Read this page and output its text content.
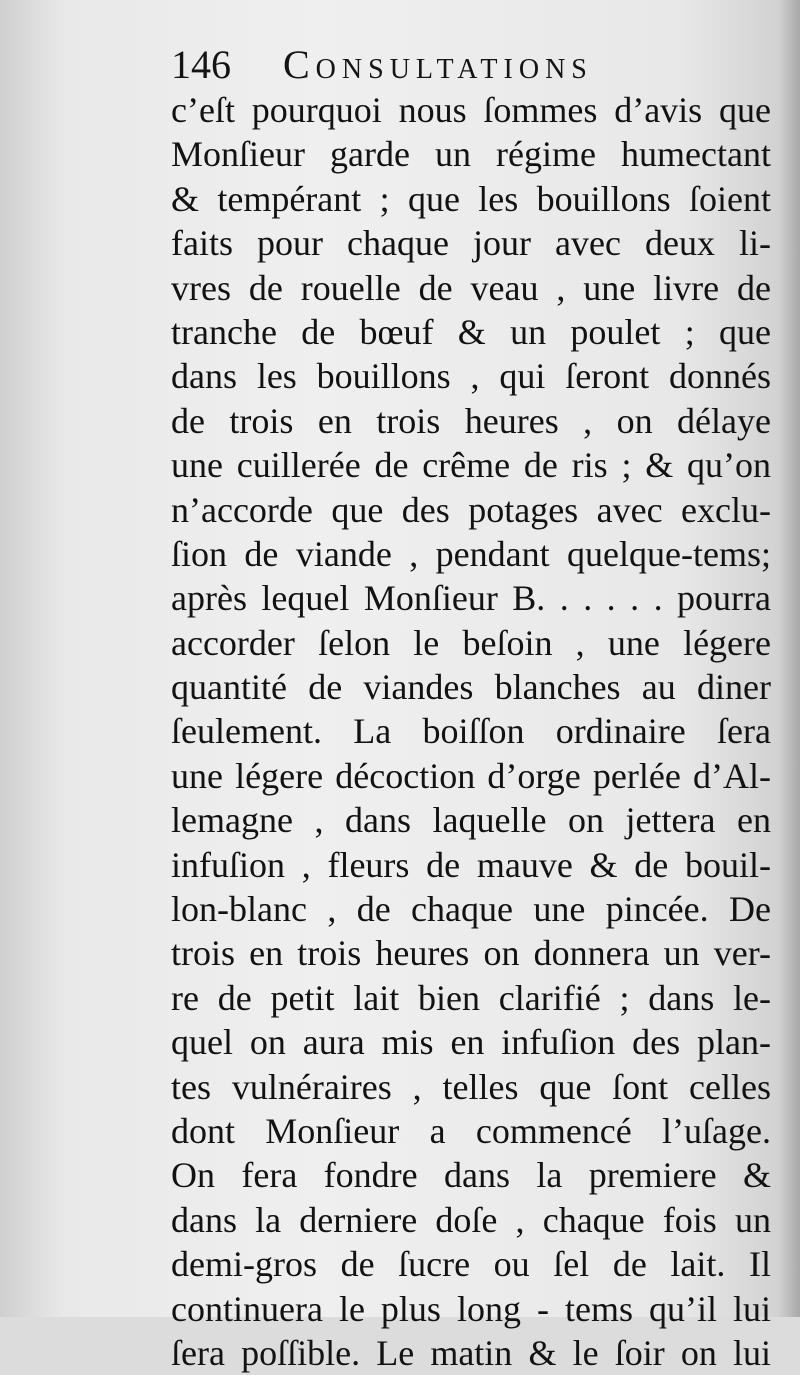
146 Consultations
c’eſt pourquoi nous ſommes d’avis que
Monſieur garde un régime humectant
& tempérant ; que les bouillons ſoient
faits pour chaque jour avec deux li-
vres de rouelle de veau , une livre de
tranche de bœuf & un poulet ; que
dans les bouillons , qui ſeront donnés
de trois en trois heures , on délaye
une cuillerée de crême de ris ; & qu’on
n’accorde que des potages avec exclu-
ſion de viande , pendant quelque-tems;
après lequel Monſieur B. . . . . . pourra
accorder ſelon le beſoin , une légere
quantité de viandes blanches au diner
ſeulement. La boiſſon ordinaire ſera
une légere décoction d’orge perlée d’Al-
lemagne , dans laquelle on jettera en
infuſion , fleurs de mauve & de bouil-
lon-blanc , de chaque une pincée. De
trois en trois heures on donnera un ver-
re de petit lait bien clarifié ; dans le-
quel on aura mis en infuſion des plan-
tes vulnéraires , telles que ſont celles
dont Monſieur a commencé l’uſage.
On fera fondre dans la premiere &
dans la derniere doſe , chaque fois un
demi-gros de ſucre ou ſel de lait. Il
continuera le plus long - tems qu’il lui
ſera poſſible. Le matin & le ſoir on lui
